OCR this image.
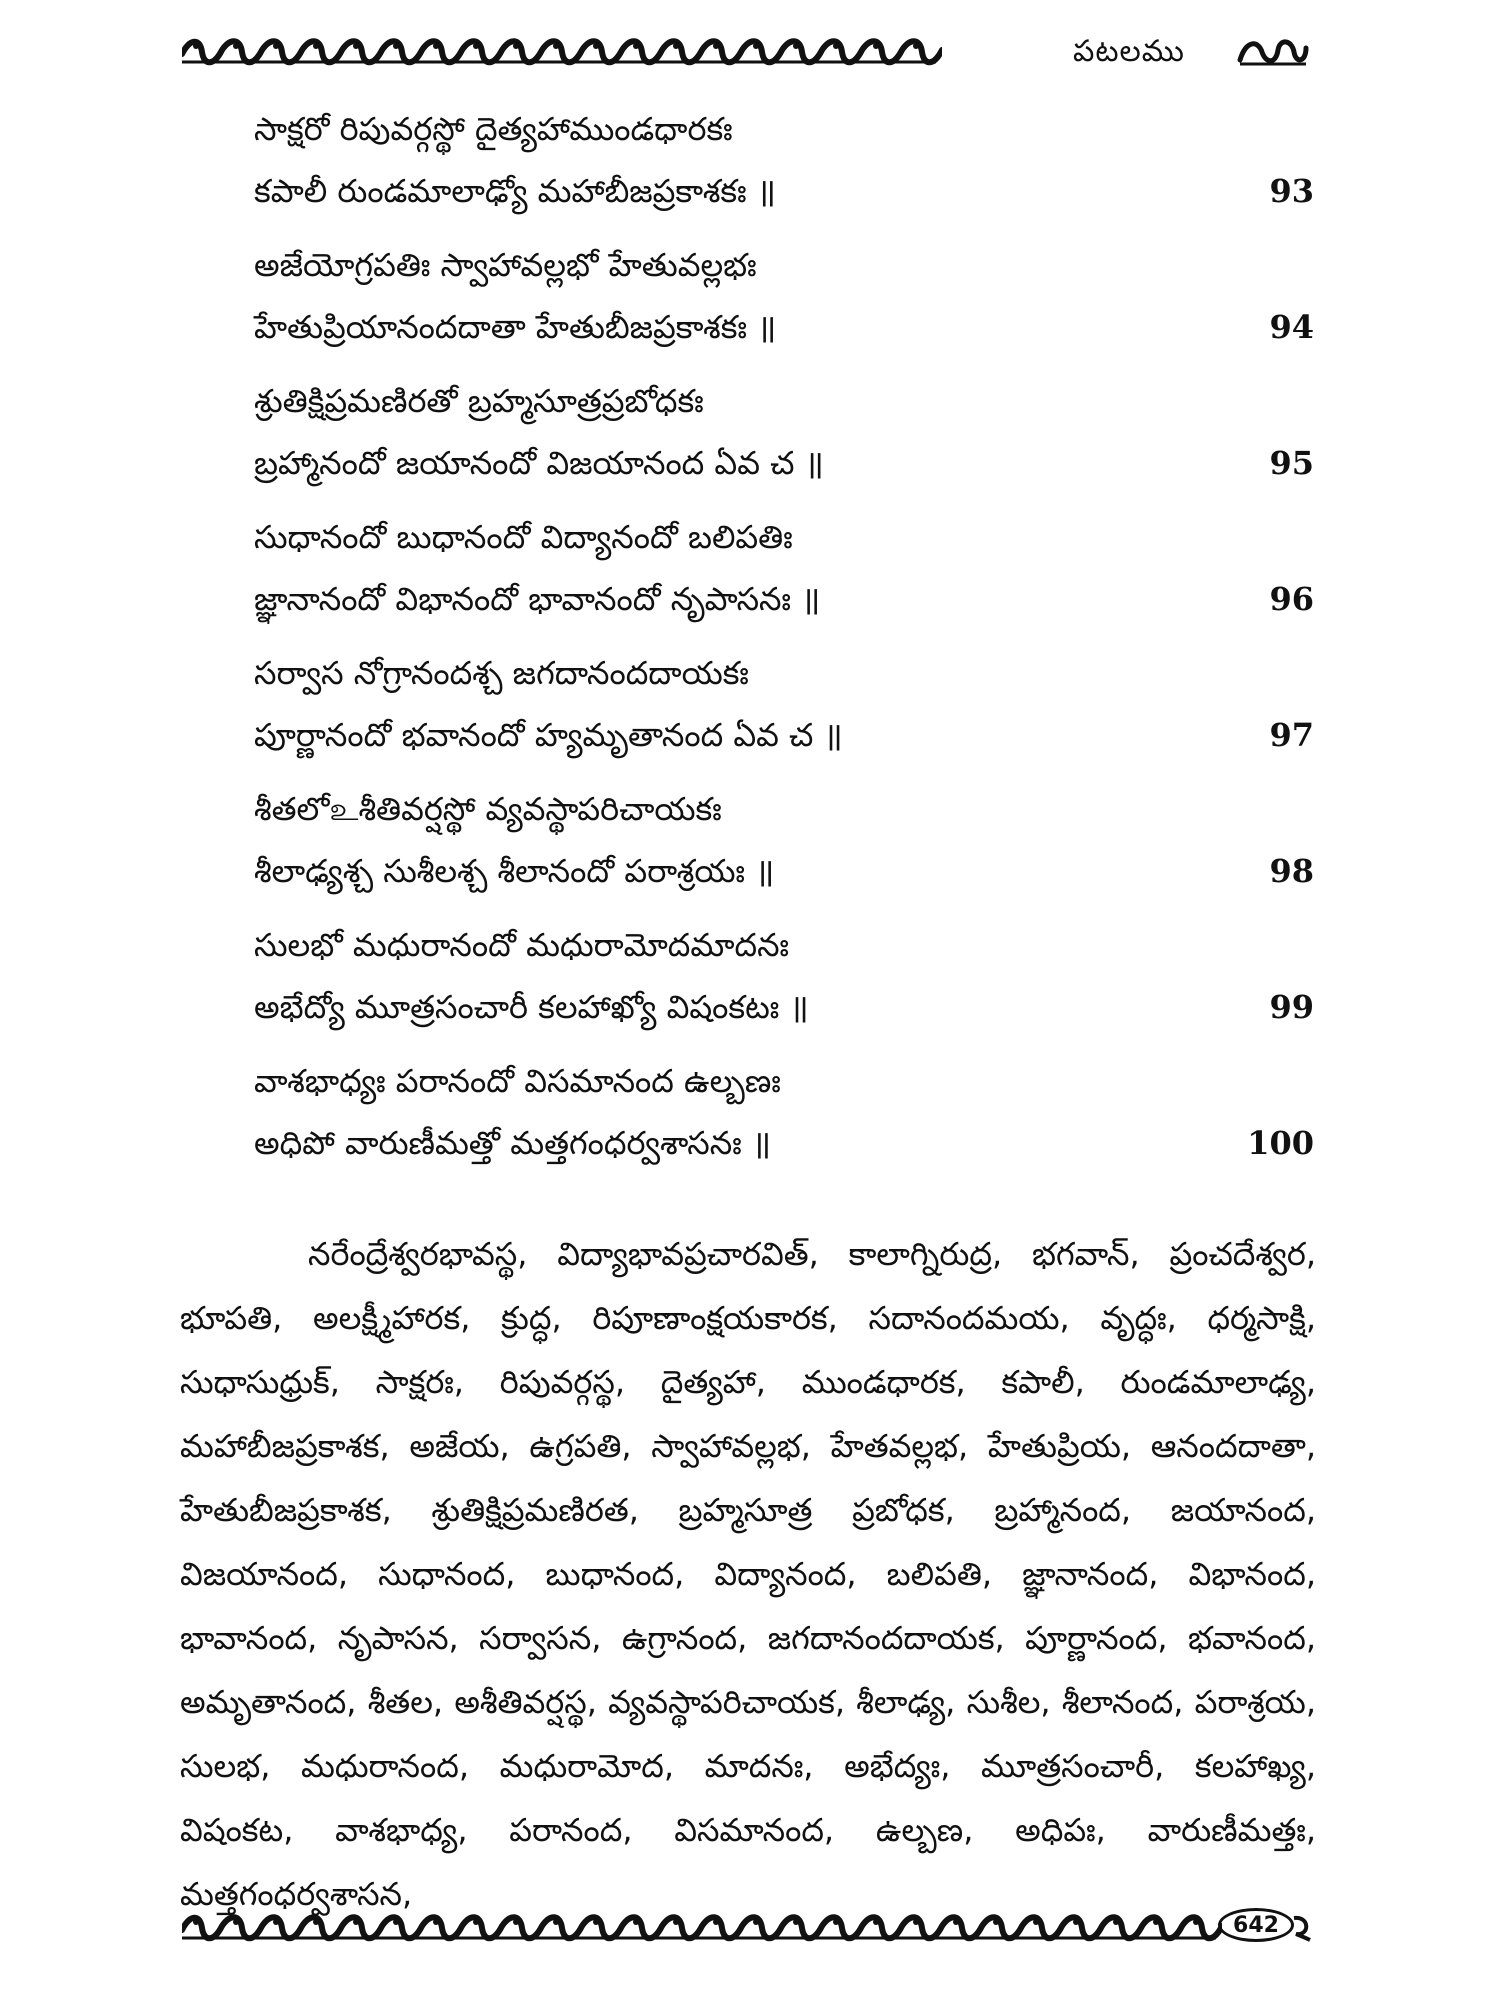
పటలము
సాక్షరో రిపువర్గస్థో దైత్యహాముండధారకః
కపాలీ రుండమాలాఢ్యో మహాబీజప్రకాశకః ॥	93
అజేయోగ్రపతిః స్వాహావల్లభో హేతువల్లభః
హేతుప్రియానందదాతా హేతుబీజప్రకాశకః ॥	94
శ్రుతిక్షిప్రమణిరతో బ్రహ్మసూత్రప్రబోధకః
బ్రహ్మానందో జయానందో విజయానంద ఏవ చ ॥	95
సుధానందో బుధానందో విద్యానందో బలిపతిః
జ్ఞానానందో విభానందో భావానందో నృపాసనః ॥	96
సర్వాస నోగ్రానందశ్చ జగదానందదాయకః
పూర్ణానందో భవానందో హ్యమృతానంద ఏవ చ ॥	97
శీతలోஉశీతివర్షస్థో వ్యవస్థాపరిచాయకః
శీలాఢ్యశ్చ సుశీలశ్చ శీలానందో పరాశ్రయః ॥	98
సులభో మధురానందో మధురామోదమాదనః
అభేద్యో మూత్రసంచారీ కలహాఖ్యో విషంకటః ॥	99
వాశభాధ్యః పరానందో విసమానంద ఉల్బణః
అధిపో వారుణీమత్తో మత్తగంధర్వశాసనః ॥	100

నరేంద్రేశ్వరభావస్థ, విద్యాభావప్రచారవిత్, కాలాగ్నిరుద్ర, భగవాన్, ప్రంచదేశ్వర, భూపతి, అలక్ష్మీహారక, క్రుద్ధ, రిపూణాంక్షయకారక, సదానందమయ, వృద్ధః, ధర్మసాక్షి, సుధాసుధ్రుక్, సాక్షరః, రిపువర్గస్థ, దైత్యహా, ముండధారక, కపాలీ, రుండమాలాఢ్య, మహాబీజప్రకాశక, అజేయ, ఉగ్రపతి, స్వాహావల్లభ, హేతవల్లభ, హేతుప్రియ, ఆనందదాతా, హేతుబీజప్రకాశక, శ్రుతిక్షిప్రమణిరత, బ్రహ్మసూత్ర ప్రబోధక, బ్రహ్మానంద, జయానంద, విజయానంద, సుధానంద, బుధానంద, విద్యానంద, బలిపతి, జ్ఞానానంద, విభానంద, భావానంద, నృపాసన, సర్వాసన, ఉగ్రానంద, జగదానందదాయక, పూర్ణానంద, భవానంద, అమృతానంద, శీతల, అశీతివర్షస్థ, వ్యవస్థాపరిచాయక, శీలాఢ్య, సుశీల, శీలానంద, పరాశ్రయ, సులభ, మధురానంద, మధురామోద, మాదనః, అభేద్యః, మూత్రసంచారీ, కలహాఖ్య, విషంకట, వాశభాధ్య, పరానంద, విసమానంద, ఉల్బణ, అధిపః, వారుణీమత్తః, మత్తగంధర్వశాసన,

642
